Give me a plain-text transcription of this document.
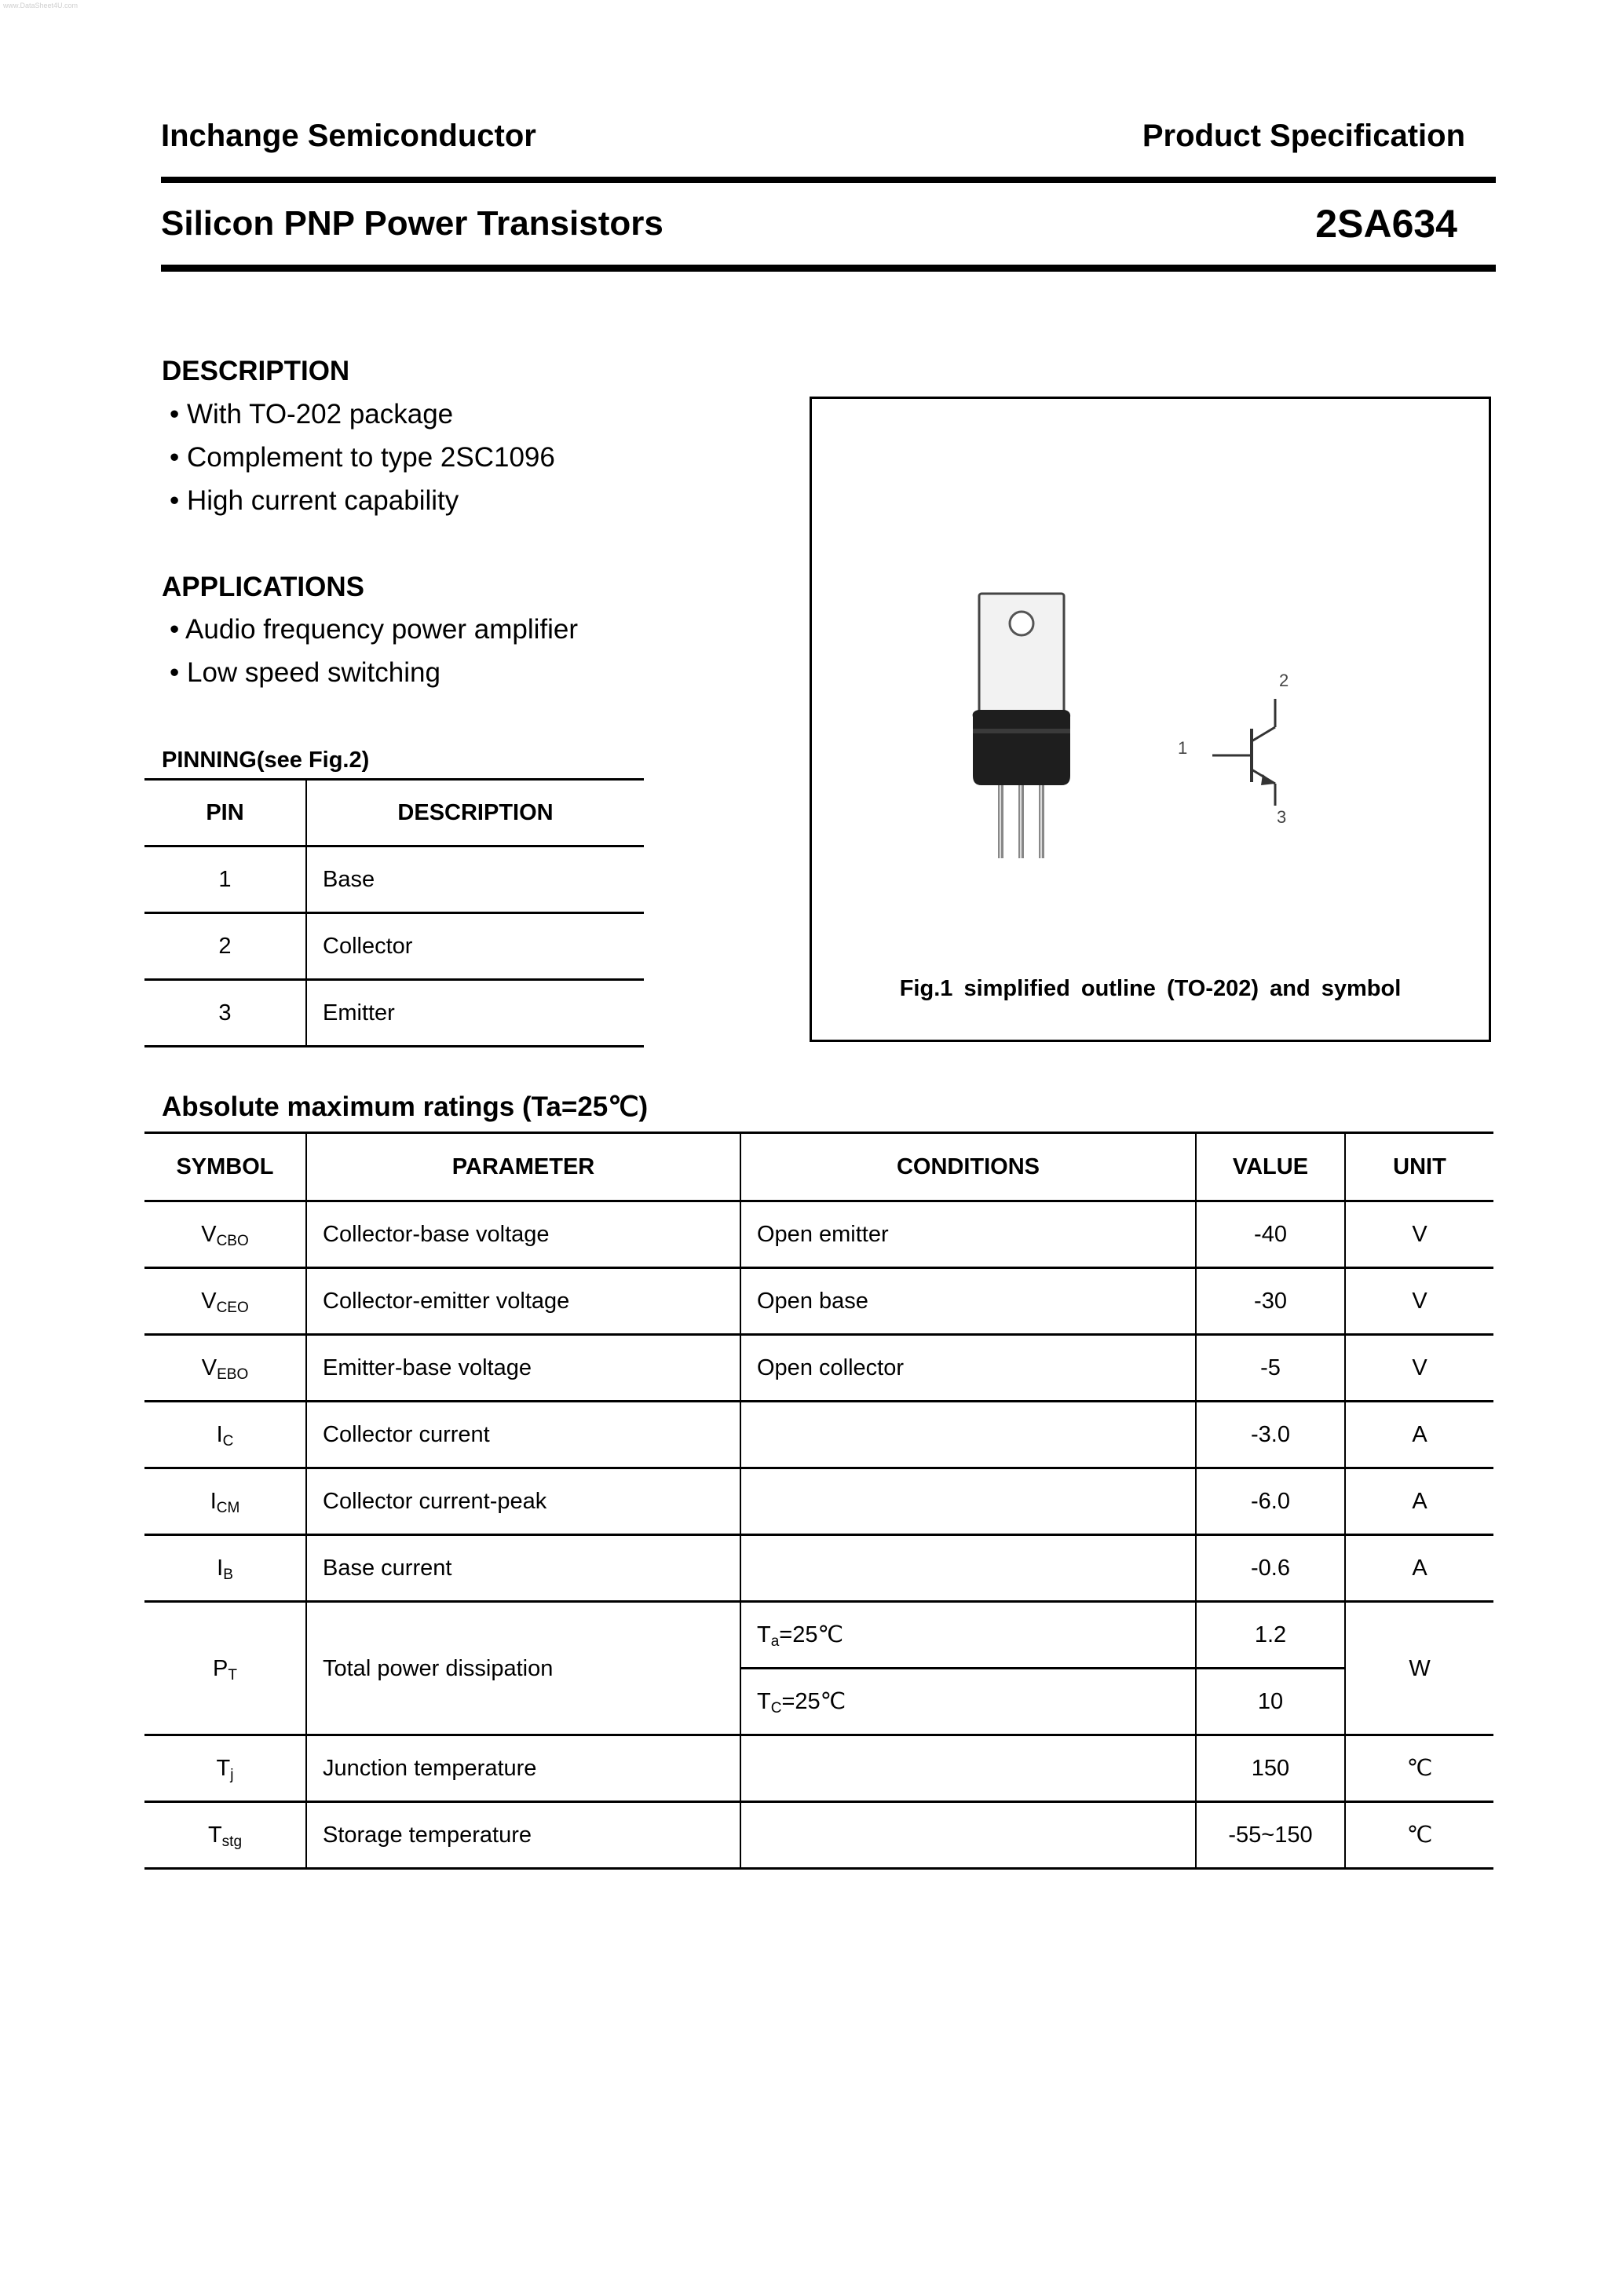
www.DataSheet4U.com
Inchange Semiconductor	Product Specification
Silicon PNP Power Transistors	2SA634
DESCRIPTION
• With TO-202 package
• Complement to type 2SC1096
• High current capability
APPLICATIONS
• Audio frequency power amplifier
• Low speed switching
PINNING(see Fig.2)
PIN	DESCRIPTION
1	Base
2	Collector
3	Emitter
1
2
3
Fig.1 simplified outline (TO-202) and symbol
Absolute maximum ratings (Ta=25℃)
SYMBOL	PARAMETER	CONDITIONS	VALUE	UNIT
$V_{CBO}$	Collector-base voltage	Open emitter	-40	V
$V_{CEO}$	Collector-emitter voltage	Open base	-30	V
$V_{EBO}$	Emitter-base voltage	Open collector	-5	V
$I_C$	Collector current		-3.0	A
$I_{CM}$	Collector current-peak		-6.0	A
$I_B$	Base current		-0.6	A
$P_T$	Total power dissipation	$T_a=25℃$	1.2	W
		$T_C=25℃$	10	
$T_j$	Junction temperature		150	℃
$T_{stg}$	Storage temperature		-55~150	℃
